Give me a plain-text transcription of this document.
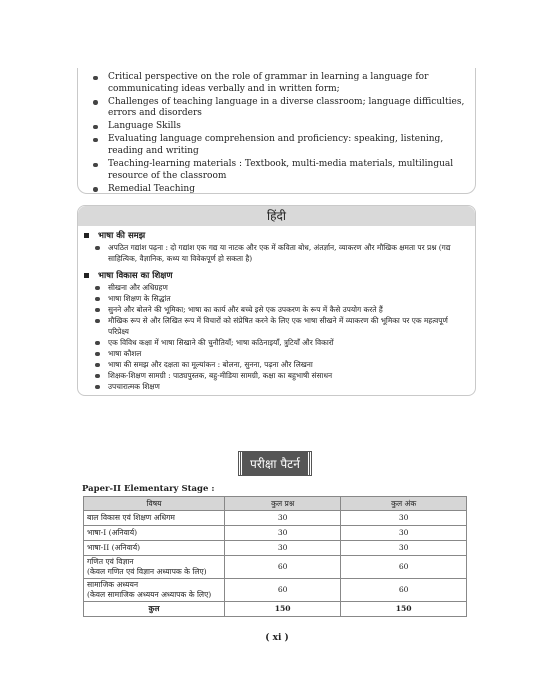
Critical perspective on the role of grammar in learning a language for communicating ideas verbally and in written form;
Challenges of teaching language in a diverse classroom; language difficulties, errors and disorders
Language Skills
Evaluating language comprehension and proficiency: speaking, listening, reading and writing
Teaching-learning materials : Textbook, multi-media materials, multilingual resource of the classroom
Remedial Teaching
हिंदी
भाषा की समझ
अपठित गद्यांश पढ़ना : दो गद्यांश एक गद्य या नाटक और एक में कविता बोध, अंतर्ज्ञान, व्याकरण और मौखिक क्षमता पर प्रश्न (गद्य साहित्यिक, वैज्ञानिक, कथ्य या विवेकपूर्ण हो सकता है)
भाषा विकास का शिक्षण
सीखना और अधिग्रहण
भाषा शिक्षण के सिद्धांत
सुनने और बोलने की भूमिका; भाषा का कार्य और बच्चे इसे एक उपकरण के रूप में कैसे उपयोग करते हैं
मौखिक रूप से और लिखित रूप में विचारों को संप्रेषित करने के लिए एक भाषा सीखने में व्याकरण की भूमिका पर एक महत्वपूर्ण परिप्रेक्ष्य
एक विविध कक्षा में भाषा सिखाने की चुनौतियाँ; भाषा कठिनाइयाँ, त्रुटियाँ और विकारों
भाषा कौशल
भाषा की समझ और दक्षता का मूल्यांकन : बोलना, सुनना, पढ़ना और लिखना
शिक्षक-शिक्षण सामग्री : पाठ्यपुस्तक, बहु-मीडिया सामग्री, कक्षा का बहुभाषी संसाधन
उपचारात्मक शिक्षण
परीक्षा पैटर्न
Paper-II Elementary Stage :
विषय	कुल प्रश्न	कुल अंक
बाल विकास एवं शिक्षण अधिगम	30	30
भाषा-I (अनिवार्य)	30	30
भाषा-II (अनिवार्य)	30	30
गणित एवं विज्ञान
(केवल गणित एवं विज्ञान अध्यापक के लिए)	60	60
सामाजिक अध्ययन
(केवल सामाजिक अध्ययन अध्यापक के लिए)	60	60
कुल	150	150
( xi )
